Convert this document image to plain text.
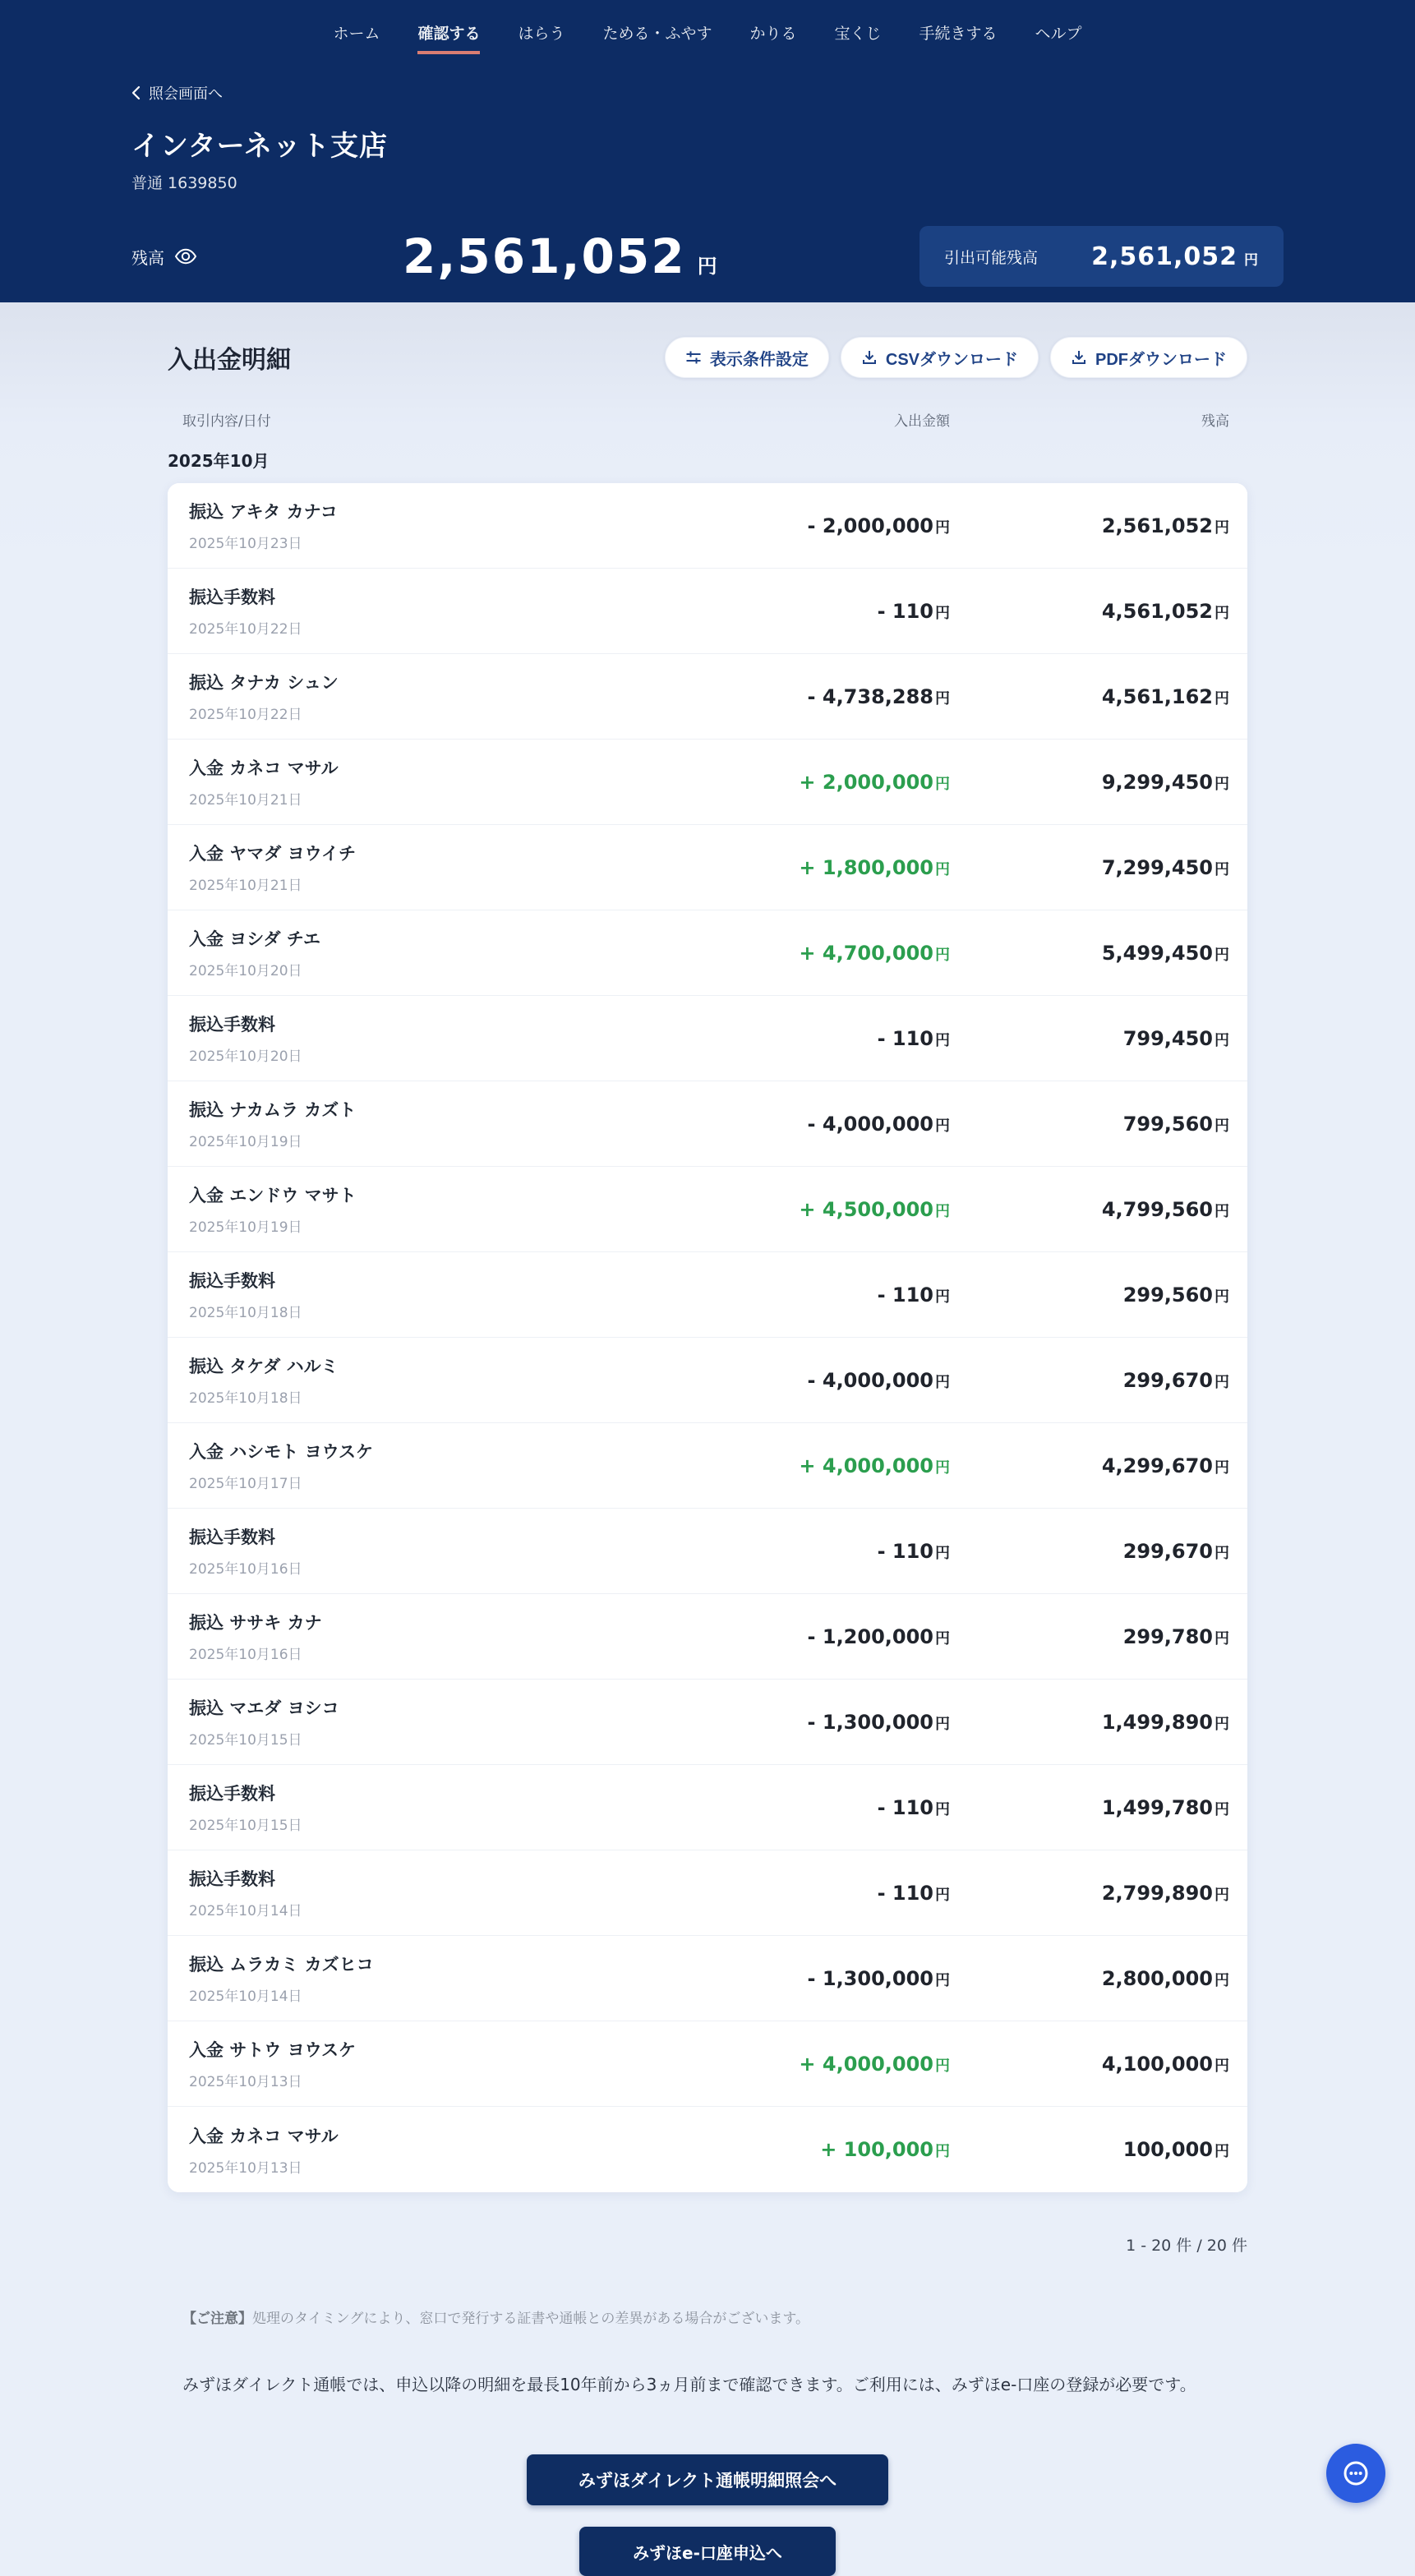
ホーム 確認する はらう ためる・ふやす かりる 宝くじ 手続きする ヘルプ
照会画面へ
インターネット支店
普通 1639850
残高	2,561,052 円	引出可能残高 2,561,052 円
入出金明細	表示条件設定	CSVダウンロード	PDFダウンロード
取引内容/日付	入出金額	残高
2025年10月
振込 アキタ カナコ
2025年10月23日
- 2,000,000 円	2,561,052 円
振込手数料
2025年10月22日
- 110 円	4,561,052 円
振込 タナカ シュン
2025年10月22日
- 4,738,288 円	4,561,162 円
入金 カネコ マサル
2025年10月21日
+ 2,000,000 円	9,299,450 円
入金 ヤマダ ヨウイチ
2025年10月21日
+ 1,800,000 円	7,299,450 円
入金 ヨシダ チエ
2025年10月20日
+ 4,700,000 円	5,499,450 円
振込手数料
2025年10月20日
- 110 円	799,450 円
振込 ナカムラ カズト
2025年10月19日
- 4,000,000 円	799,560 円
入金 エンドウ マサト
2025年10月19日
+ 4,500,000 円	4,799,560 円
振込手数料
2025年10月18日
- 110 円	299,560 円
振込 タケダ ハルミ
2025年10月18日
- 4,000,000 円	299,670 円
入金 ハシモト ヨウスケ
2025年10月17日
+ 4,000,000 円	4,299,670 円
振込手数料
2025年10月16日
- 110 円	299,670 円
振込 ササキ カナ
2025年10月16日
- 1,200,000 円	299,780 円
振込 マエダ ヨシコ
2025年10月15日
- 1,300,000 円	1,499,890 円
振込手数料
2025年10月15日
- 110 円	1,499,780 円
振込手数料
2025年10月14日
- 110 円	2,799,890 円
振込 ムラカミ カズヒコ
2025年10月14日
- 1,300,000 円	2,800,000 円
入金 サトウ ヨウスケ
2025年10月13日
+ 4,000,000 円	4,100,000 円
入金 カネコ マサル
2025年10月13日
+ 100,000 円	100,000 円
1 - 20 件 / 20 件
【ご注意】処理のタイミングにより、窓口で発行する証書や通帳との差異がある場合がございます。
みずほダイレクト通帳では、申込以降の明細を最長10年前から3ヵ月前まで確認できます。ご利用には、みずほe-口座の登録が必要です。
みずほダイレクト通帳明細照会へ
みずほe-口座申込へ
